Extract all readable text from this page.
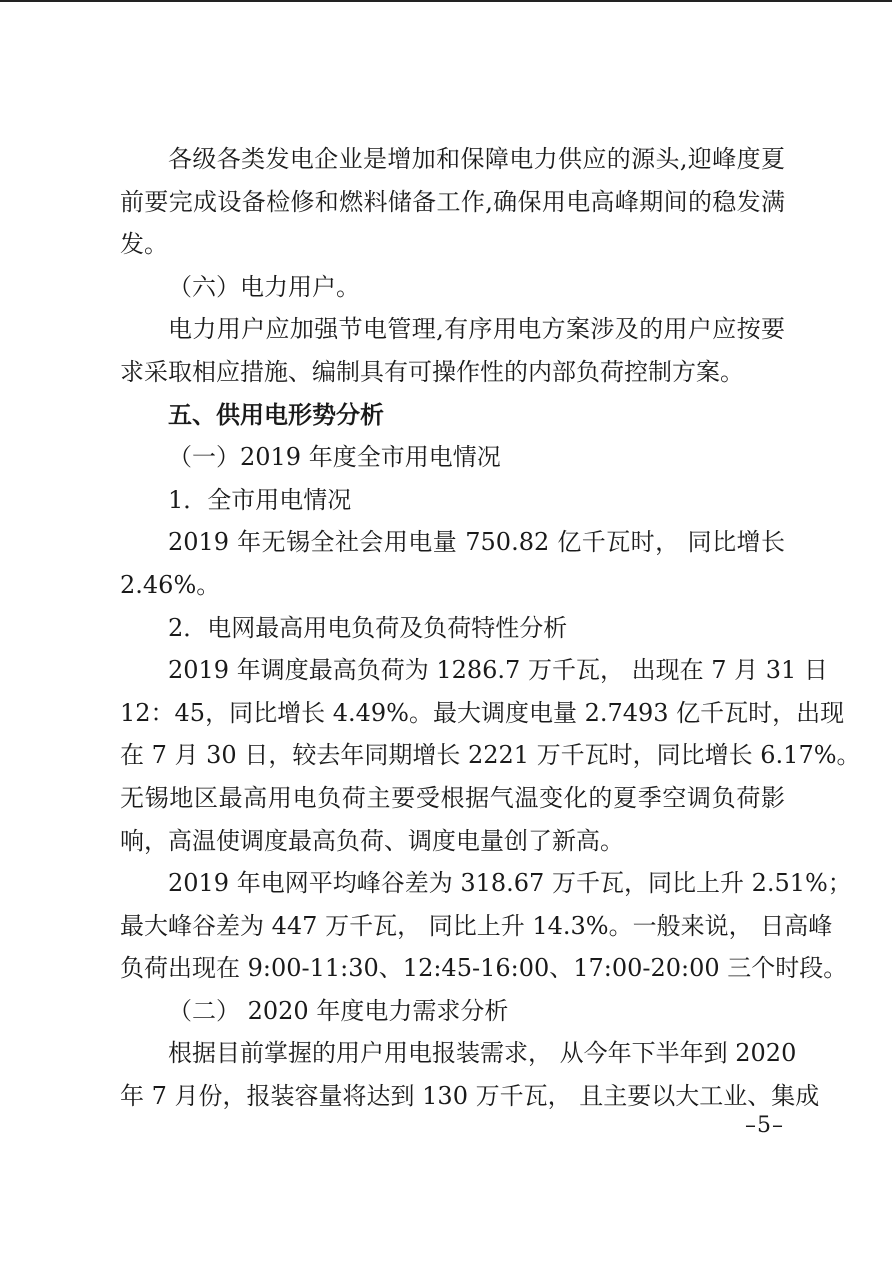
各级各类发电企业是增加和保障电力供应的源头,迎峰度夏
前要完成设备检修和燃料储备工作,确保用电高峰期间的稳发满
发。
（六）电力用户。
电力用户应加强节电管理,有序用电方案涉及的用户应按要
求采取相应措施、编制具有可操作性的内部负荷控制方案。
五、供用电形势分析
（一）2019 年度全市用电情况
1．全市用电情况
2019 年无锡全社会用电量 750.82 亿千瓦时， 同比增长
2.46%。
2．电网最高用电负荷及负荷特性分析
2019 年调度最高负荷为 1286.7 万千瓦， 出现在 7 月 31 日
12：45，同比增长 4.49%。最大调度电量 2.7493 亿千瓦时，出现
在 7 月 30 日，较去年同期增长 2221 万千瓦时，同比增长 6.17%。
无锡地区最高用电负荷主要受根据气温变化的夏季空调负荷影
响，高温使调度最高负荷、调度电量创了新高。
2019 年电网平均峰谷差为 318.67 万千瓦，同比上升 2.51%；
最大峰谷差为 447 万千瓦， 同比上升 14.3%。一般来说， 日高峰
负荷出现在 9:00-11:30、12:45-16:00、17:00-20:00 三个时段。
（二） 2020 年度电力需求分析
根据目前掌握的用户用电报装需求， 从今年下半年到 2020
年 7 月份，报装容量将达到 130 万千瓦， 且主要以大工业、集成
–5–
